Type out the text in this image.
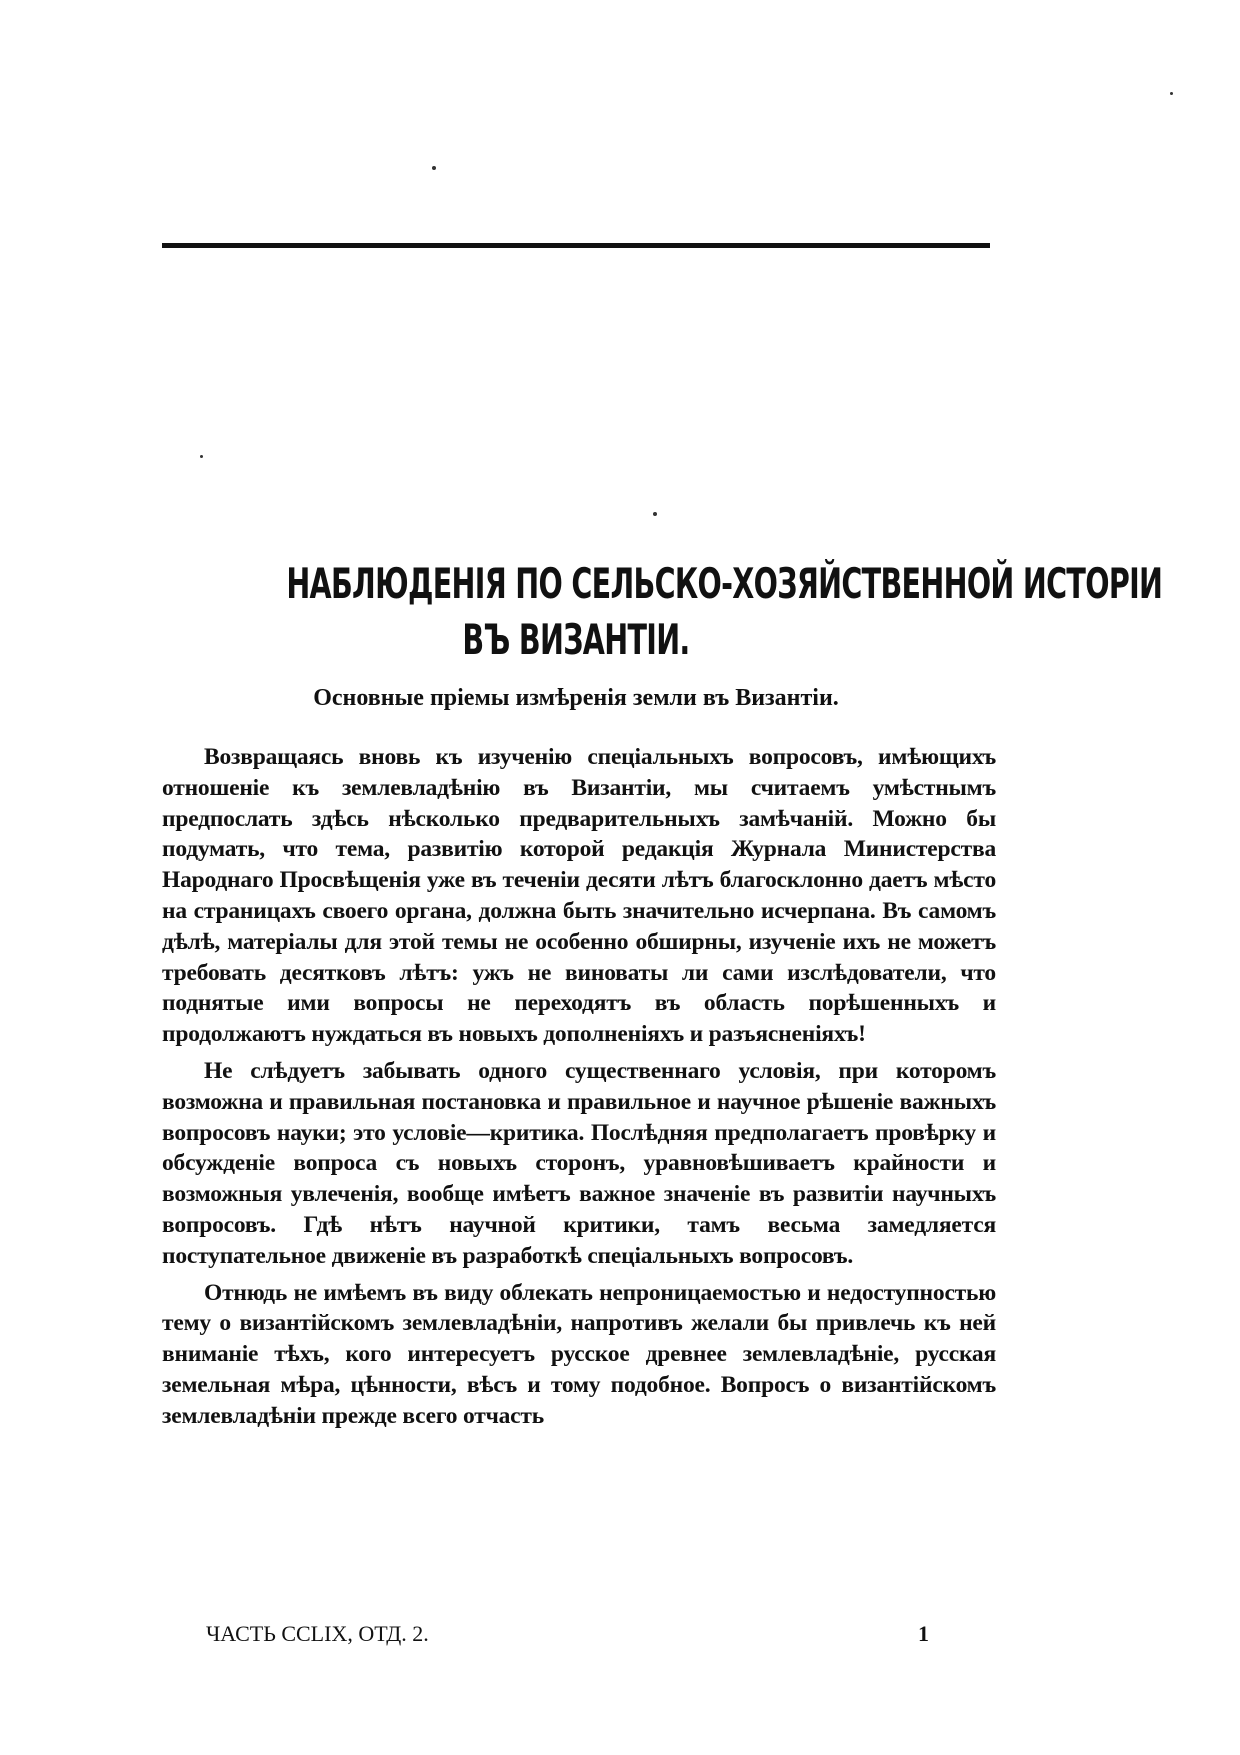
НАБЛЮДЕНІЯ ПО СЕЛЬСКО-ХОЗЯЙСТВЕННОЙ ИСТОРІИ
ВЪ ВИЗАНТІИ.
Основные пріемы измѣренія земли въ Византіи.

Возвращаясь вновь къ изученію спеціальныхъ вопросовъ, имѣющихъ отношеніе къ землевладѣнію въ Византіи, мы считаемъ умѣстнымъ предпослать здѣсь нѣсколько предварительныхъ замѣчаній. Можно бы подумать, что тема, развитію которой редакція Журнала Министерства Народнаго Просвѣщенія уже въ теченіи десяти лѣтъ благосклонно даетъ мѣсто на страницахъ своего органа, должна быть значительно исчерпана. Въ самомъ дѣлѣ, матеріалы для этой темы не особенно обширны, изученіе ихъ не можетъ требовать десятковъ лѣтъ: ужъ не виноваты ли сами изслѣдователи, что поднятые ими вопросы не переходятъ въ область порѣшенныхъ и продолжаютъ нуждаться въ новыхъ дополненіяхъ и разъясненіяхъ!

Не слѣдуетъ забывать одного существеннаго условія, при которомъ возможна и правильная постановка и правильное и научное рѣшеніе важныхъ вопросовъ науки; это условіе—критика. Послѣдняя предполагаетъ провѣрку и обсужденіе вопроса съ новыхъ сторонъ, уравновѣшиваетъ крайности и возможныя увлеченія, вообще имѣетъ важное значеніе въ развитіи научныхъ вопросовъ. Гдѣ нѣтъ научной критики, тамъ весьма замедляется поступательное движеніе въ разработкѣ спеціальныхъ вопросовъ.

Отнюдь не имѣемъ въ виду облекать непроницаемостью и недоступностью тему о византійскомъ землевладѣніи, напротивъ желали бы привлечь къ ней вниманіе тѣхъ, кого интересуетъ русское древнее землевладѣніе, русская земельная мѣра, цѣнности, вѣсъ и тому подобное. Вопросъ о византійскомъ землевладѣніи прежде всего отчасть

ЧАСТЬ CCLIX, ОТД. 2.	1
